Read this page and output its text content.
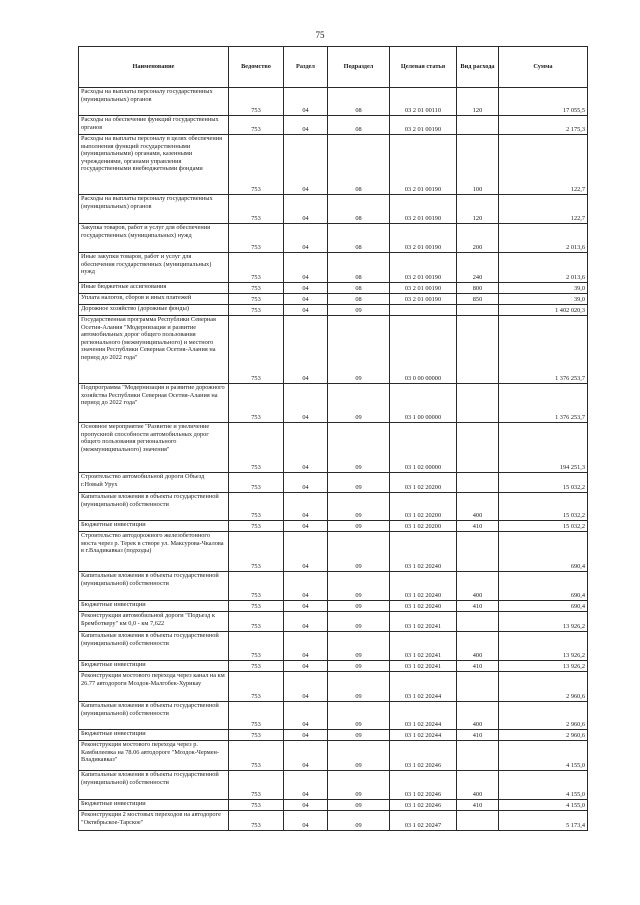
75
Наименование	Ведомство	Раздел	Подраздел	Целевая статья	Вид расхода	Сумма
Расходы на выплаты персоналу государственных (муниципальных) органов	753	04	08	03 2 01 00110	120	17 055,5
Расходы на обеспечение функций государственных органов	753	04	08	03 2 01 00190		2 175,3
Расходы на выплаты персоналу в целях обеспечения выполнения функций государственными (муниципальными) органами, казенными учреждениями, органами управления государственными внебюджетными фондами	753	04	08	03 2 01 00190	100	122,7
Расходы на выплаты персоналу государственных (муниципальных) органов	753	04	08	03 2 01 00190	120	122,7
Закупка товаров, работ и услуг для обеспечения государственных (муниципальных) нужд	753	04	08	03 2 01 00190	200	2 013,6
Иные закупки товаров, работ и услуг для обеспечения государственных (муниципальных) нужд	753	04	08	03 2 01 00190	240	2 013,6
Иные бюджетные ассигнования	753	04	08	03 2 01 00190	800	39,0
Уплата налогов, сборов и иных платежей	753	04	08	03 2 01 00190	850	39,0
Дорожное хозяйство (дорожные фонды)	753	04	09			1 402 020,3
Государственная программа Республики Северная Осетия-Алания "Модернизация и развитие автомобильных дорог общего пользования регионального (межмуниципального) и местного значения Республики Северная Осетия-Алания на период до 2022 года"	753	04	09	03 0 00 00000		1 376 253,7
Подпрограмма "Модернизация и развитие дорожного хозяйства Республики Северная Осетия-Алания на период до 2022 года"	753	04	09	03 1 00 00000		1 376 253,7
Основное мероприятие "Развитие и увеличение пропускной способности автомобильных дорог общего пользования регионального (межмуниципального) значения"	753	04	09	03 1 02 00000		194 251,3
Строительство автомобильной дороги Объезд г.Новый Урух	753	04	09	03 1 02 20200		15 032,2
Капитальные вложения в объекты государственной (муниципальной) собственности	753	04	09	03 1 02 20200	400	15 032,2
Бюджетные инвестиции	753	04	09	03 1 02 20200	410	15 032,2
Строительство автодорожного железобетонного моста через р. Терек в створе ул. Максурова-Чкалова в г.Владикавказ (подходы)	753	04	09	03 1 02 20240		690,4
Капитальные вложения в объекты государственной (муниципальной) собственности	753	04	09	03 1 02 20240	400	690,4
Бюджетные инвестиции	753	04	09	03 1 02 20240	410	690,4
Реконструкция автомобильной дороги "Подъезд к Бремботкеру" км 0,0 - км 7,622	753	04	09	03 1 02 20241		13 926,2
Капитальные вложения в объекты государственной (муниципальной) собственности	753	04	09	03 1 02 20241	400	13 926,2
Бюджетные инвестиции	753	04	09	03 1 02 20241	410	13 926,2
Реконструкция мостового перехода через канал на км 26.77 автодороги Моздок-Малгобек-Хурикау	753	04	09	03 1 02 20244		2 960,6
Капитальные вложения в объекты государственной (муниципальной) собственности	753	04	09	03 1 02 20244	400	2 960,6
Бюджетные инвестиции	753	04	09	03 1 02 20244	410	2 960,6
Реконструкция мостового перехода через р. Камбилеевка на 78.06 автодороге "Моздок-Чермен-Владикавказ"	753	04	09	03 1 02 20246		4 155,0
Капитальные вложения в объекты государственной (муниципальной) собственности	753	04	09	03 1 02 20246	400	4 155,0
Бюджетные инвестиции	753	04	09	03 1 02 20246	410	4 155,0
Реконструкция 2 мостовых переходов на автодороге "Октябрьское-Тарское"	753	04	09	03 1 02 20247		5 173,4
